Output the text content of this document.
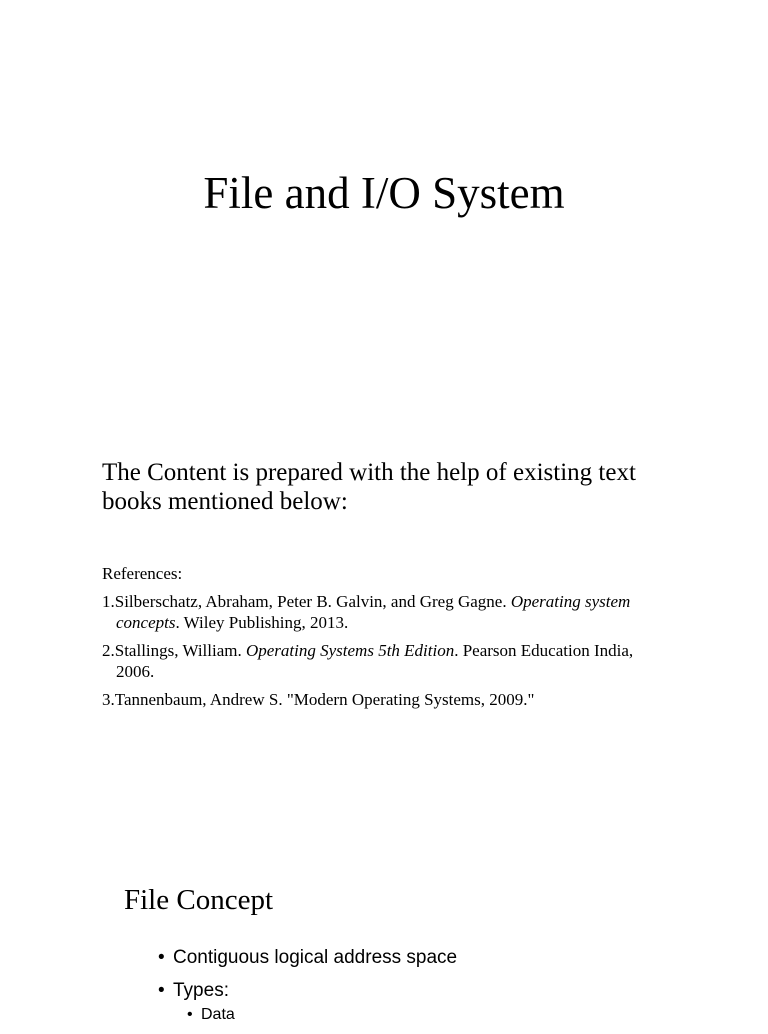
File and I/O System

The Content is prepared with the help of existing text books mentioned below:

References:

1.Silberschatz, Abraham, Peter B. Galvin, and Greg Gagne. Operating system concepts. Wiley Publishing, 2013.
2.Stallings, William. Operating Systems 5th Edition. Pearson Education India, 2006.
3.Tannenbaum, Andrew S. "Modern Operating Systems, 2009."
File Concept
• Contiguous logical address space
• Types:
• Data
